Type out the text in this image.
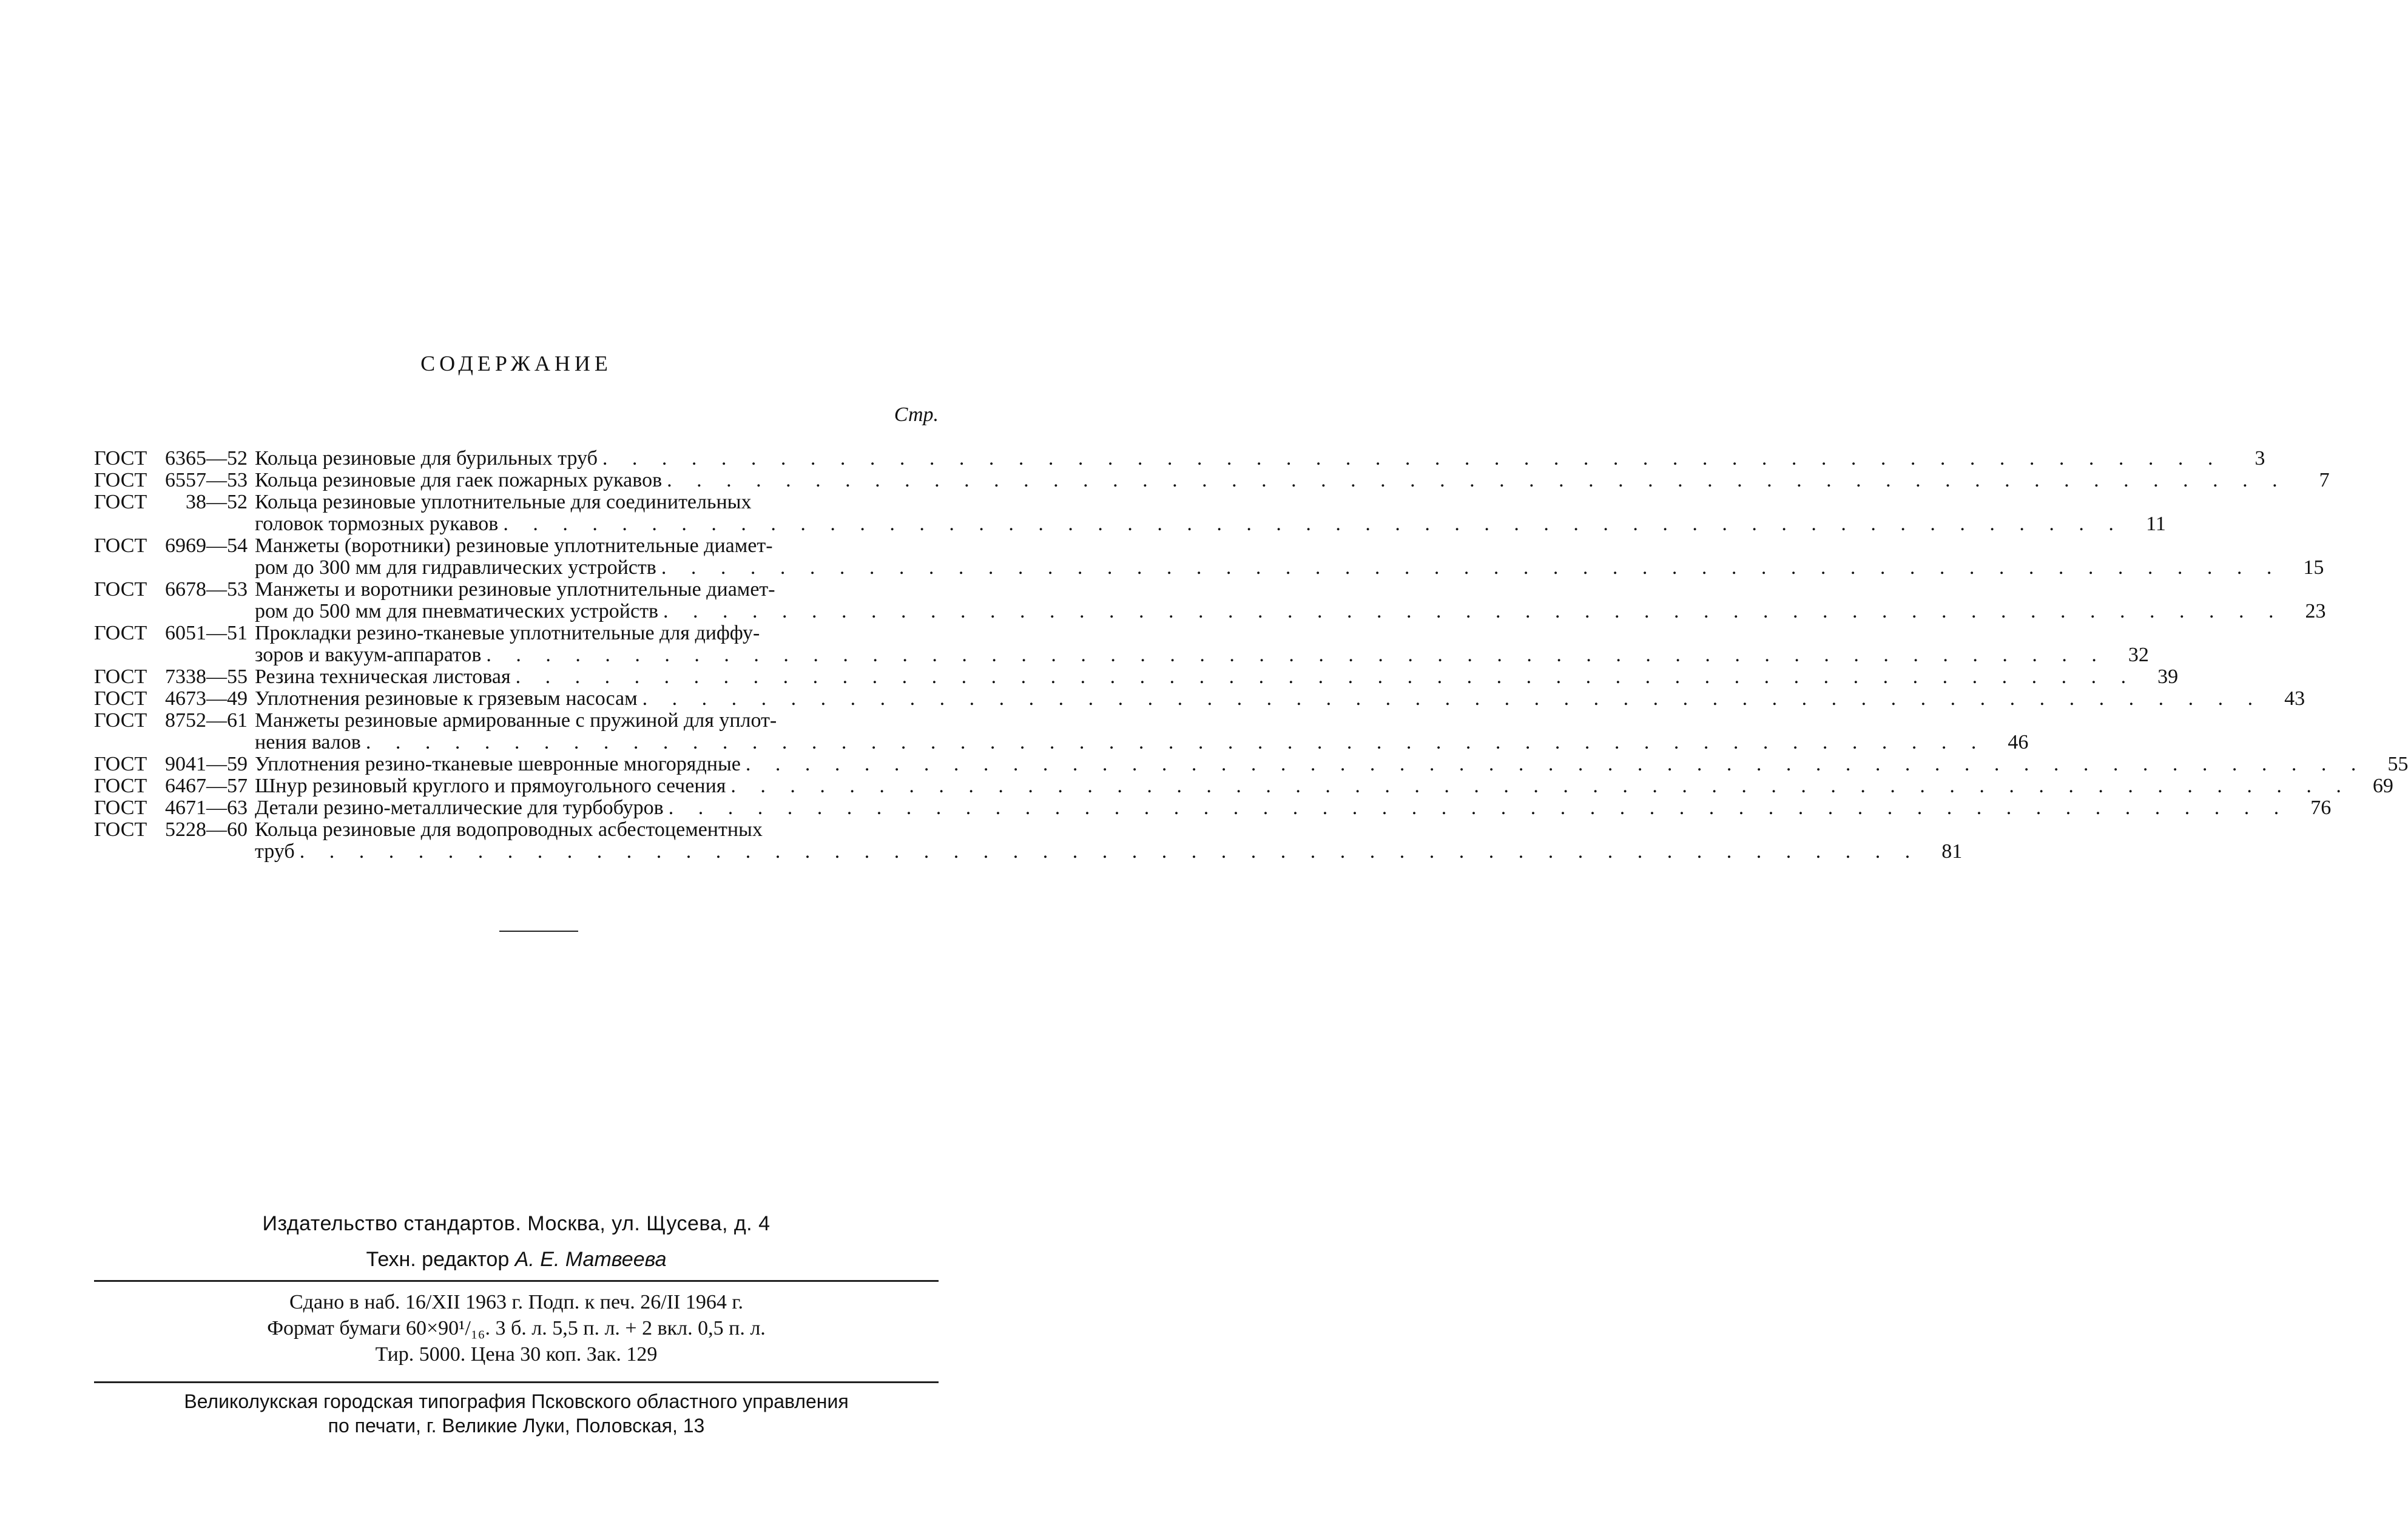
СОДЕРЖАНИЕ
Стр.
ГОСТ 6365—52 Кольца резиновые для бурильных труб . . .	3
ГОСТ 6557—53 Кольца резиновые для гаек пожарных рукавов . . .	7
ГОСТ	38—52 Кольца резиновые уплотнительные для соединительных
головок тормозных рукавов . . .	11
ГОСТ 6969—54 Манжеты (воротники) резиновые уплотнительные диамет-
ром до 300 мм для гидравлических устройств . . .	15
ГОСТ 6678—53 Манжеты и воротники резиновые уплотнительные диамет-
ром до 500 мм для пневматических устройств . . .	23
ГОСТ 6051—51 Прокладки резино-тканевые уплотнительные для диффу-
зоров и вакуум-аппаратов . . .	32
ГОСТ 7338—55 Резина техническая листовая . . .	39
ГОСТ 4673—49 Уплотнения резиновые к грязевым насосам . . .	43
ГОСТ 8752—61 Манжеты резиновые армированные с пружиной для уплот-
нения валов . . .	46
ГОСТ 9041—59 Уплотнения резино-тканевые шевронные многорядные . . .	55
ГОСТ 6467—57 Шнур резиновый круглого и прямоугольного сечения . . .	69
ГОСТ 4671—63 Детали резино-металлические для турбобуров . . .	76
ГОСТ 5228—60 Кольца резиновые для водопроводных асбестоцементных
труб . . .	81
Издательство стандартов. Москва, ул. Щусева, д. 4
Техн. редактор А. Е. Матвеева
Сдано в наб. 16/XII 1963 г. Подп. к печ. 26/II 1964 г.
Формат бумаги 60×90¹/₁₆. 3 б. л. 5,5 п. л. + 2 вкл. 0,5 п. л.
Тир. 5000. Цена 30 коп. Зак. 129
Великолукская городская типография Псковского областного управления
по печати, г. Великие Луки, Половская, 13
